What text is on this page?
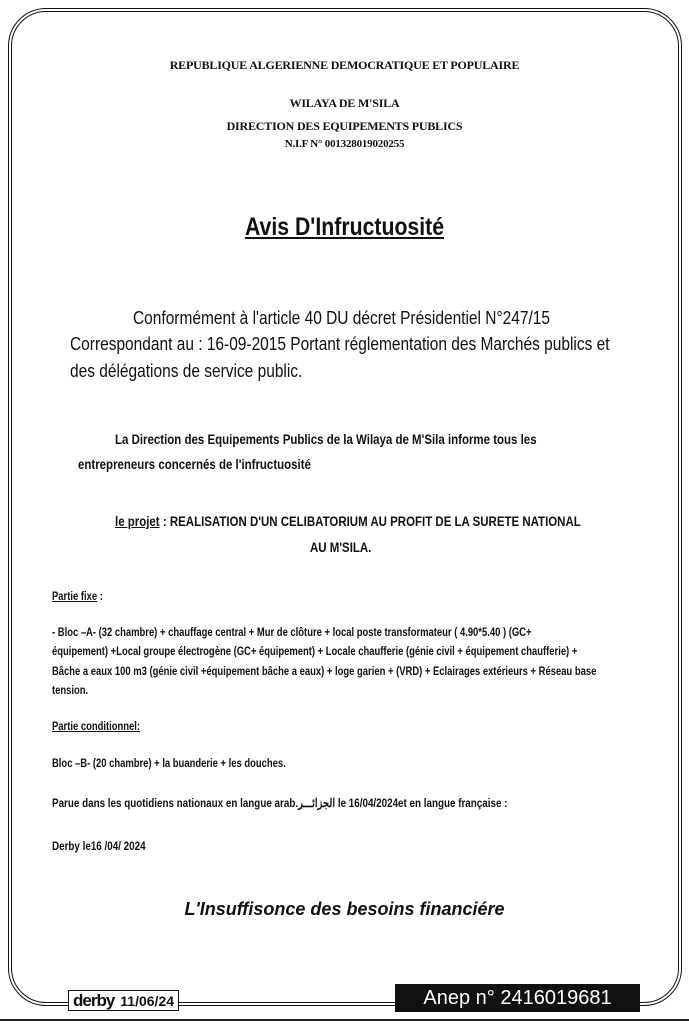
REPUBLIQUE ALGERIENNE DEMOCRATIQUE ET POPULAIRE
WILAYA DE M'SILA
DIRECTION DES EQUIPEMENTS PUBLICS
N.I.F N° 001328019020255
Avis D'Infructuosité
Conformément à l'article 40 DU décret Présidentiel N°247/15
Correspondant au : 16-09-2015 Portant réglementation des Marchés publics et
des délégations de service public.
La Direction des Equipements Publics de la Wilaya de M'Sila informe tous les
entrepreneurs concernés de l'infructuosité
le projet : REALISATION D'UN CELIBATORIUM AU PROFIT DE LA SURETE NATIONAL
AU M'SILA.
Partie fixe :
- Bloc –A- (32 chambre) + chauffage central + Mur de clôture + local poste transformateur ( 4.90*5.40 ) (GC+
équipement) +Local groupe électrogène (GC+ équipement) + Locale chaufferie (génie civil + équipement chaufferie) +
Bâche a eaux 100 m3 (génie civil +équipement bâche a eaux) + loge garien + (VRD) + Eclairages extérieurs + Réseau base
tension.
Partie conditionnel:
Bloc –B- (20 chambre) + la buanderie + les douches.
Parue dans les quotidiens nationaux en langue arab.الجزائـــر le 16/04/2024et en langue française :
Derby le16 /04/ 2024
L'Insuffisonce des besoins financiére
derby 11/06/24	Anep n° 2416019681
